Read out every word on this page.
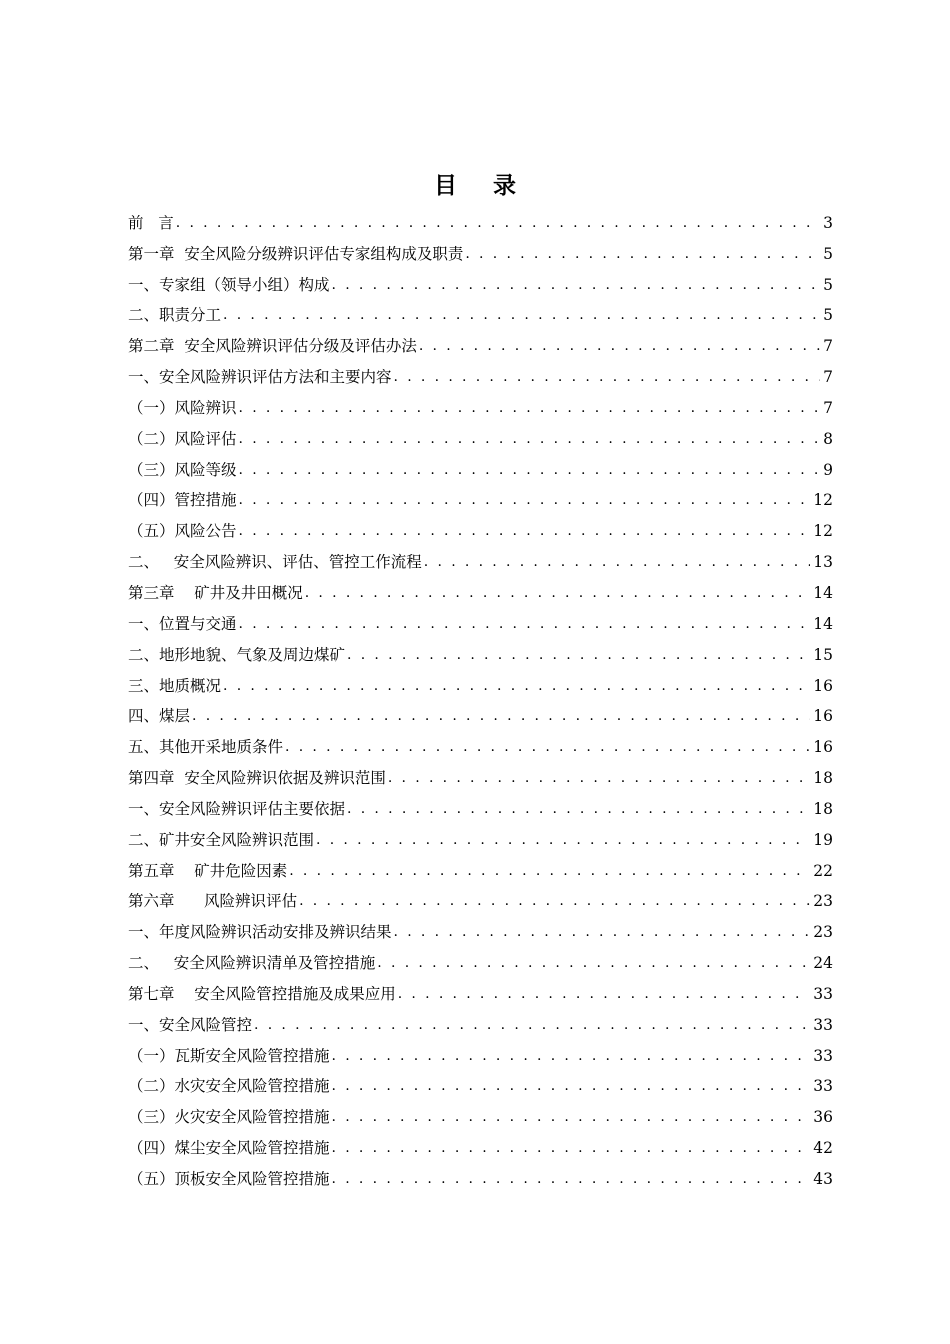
目 录
前   言 . . .	3
第一章  安全风险分级辨识评估专家组构成及职责 . . .	5
一、专家组（领导小组）构成 . . .	5
二、职责分工 . . .	5
第二章  安全风险辨识评估分级及评估办法 . . .	7
一、安全风险辨识评估方法和主要内容 . . .	7
（一）风险辨识 . . .	7
（二）风险评估 . . .	8
（三）风险等级 . . .	9
（四）管控措施 . . .	12
（五）风险公告 . . .	12
二、   安全风险辨识、评估、管控工作流程 . . .	13
第三章    矿井及井田概况 . . .	14
一、位置与交通 . . .	14
二、地形地貌、气象及周边煤矿 . . .	15
三、地质概况 . . .	16
四、煤层 . . .	16
五、其他开采地质条件 . . .	16
第四章  安全风险辨识依据及辨识范围 . . .	18
一、安全风险辨识评估主要依据 . . .	18
二、矿井安全风险辨识范围 . . .	19
第五章    矿井危险因素 . . .	22
第六章      风险辨识评估 . . .	23
一、年度风险辨识活动安排及辨识结果 . . .	23
二、   安全风险辨识清单及管控措施 . . .	24
第七章    安全风险管控措施及成果应用 . . .	33
一、安全风险管控 . . .	33
（一）瓦斯安全风险管控措施 . . .	33
（二）水灾安全风险管控措施 . . .	33
（三）火灾安全风险管控措施 . . .	36
（四）煤尘安全风险管控措施 . . .	42
（五）顶板安全风险管控措施 . . .	43
